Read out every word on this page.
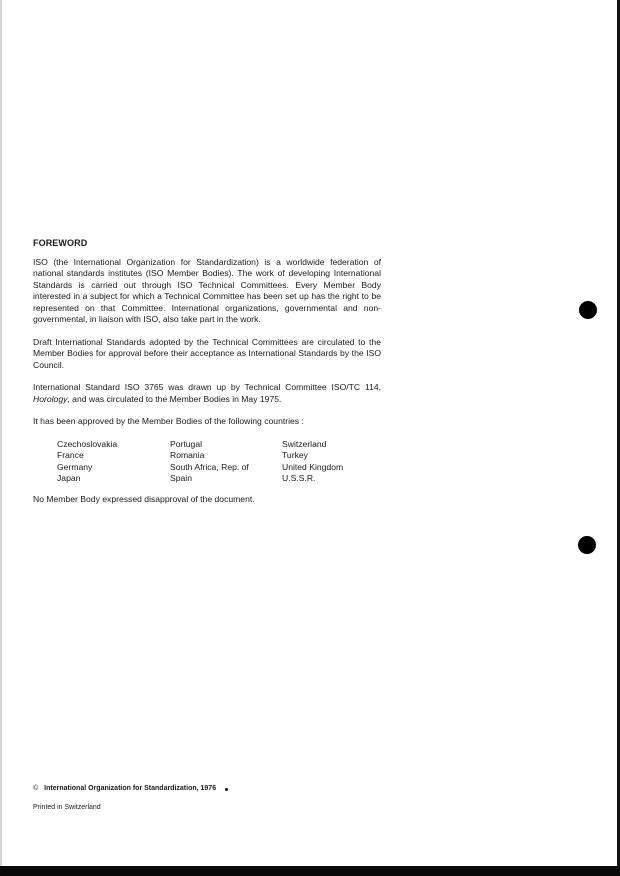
FOREWORD

ISO (the International Organization for Standardization) is a worldwide federation of national standards institutes (ISO Member Bodies). The work of developing International Standards is carried out through ISO Technical Committees. Every Member Body interested in a subject for which a Technical Committee has been set up has the right to be represented on that Committee. International organizations, governmental and non-governmental, in liaison with ISO, also take part in the work.

Draft International Standards adopted by the Technical Committees are circulated to the Member Bodies for approval before their acceptance as International Standards by the ISO Council.

International Standard ISO 3765 was drawn up by Technical Committee ISO/TC 114, Horology, and was circulated to the Member Bodies in May 1975.

It has been approved by the Member Bodies of the following countries :

Czechoslovakia	Portugal	Switzerland
France	Romania	Turkey
Germany	South Africa, Rep. of	United Kingdom
Japan	Spain	U.S.S.R.

No Member Body expressed disapproval of the document.

© International Organization for Standardization, 1976
Printed in Switzerland
